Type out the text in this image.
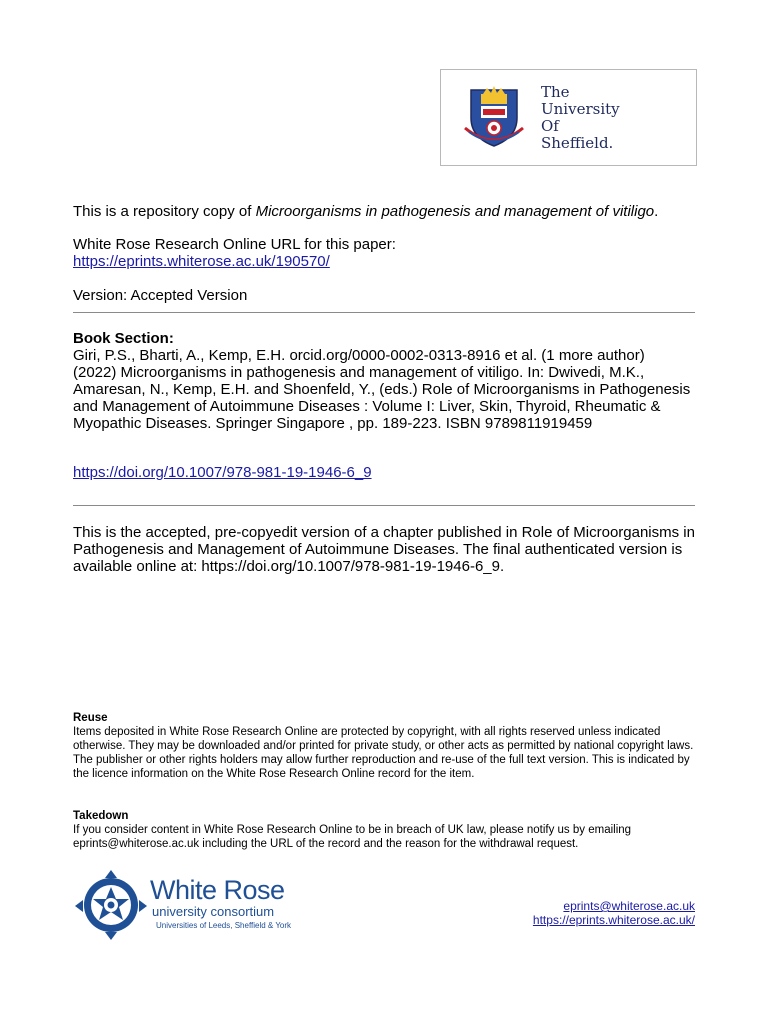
The
University
Of
Sheffield.
This is a repository copy of Microorganisms in pathogenesis and management of vitiligo.
White Rose Research Online URL for this paper:
https://eprints.whiterose.ac.uk/190570/
Version: Accepted Version
Book Section:
Giri, P.S., Bharti, A., Kemp, E.H. orcid.org/0000-0002-0313-8916 et al. (1 more author) (2022) Microorganisms in pathogenesis and management of vitiligo. In: Dwivedi, M.K., Amaresan, N., Kemp, E.H. and Shoenfeld, Y., (eds.) Role of Microorganisms in Pathogenesis and Management of Autoimmune Diseases : Volume I: Liver, Skin, Thyroid, Rheumatic & Myopathic Diseases. Springer Singapore , pp. 189-223. ISBN 9789811919459
https://doi.org/10.1007/978-981-19-1946-6_9
This is the accepted, pre-copyedit version of a chapter published in Role of Microorganisms in Pathogenesis and Management of Autoimmune Diseases. The final authenticated version is available online at: https://doi.org/10.1007/978-981-19-1946-6_9.
Reuse
Items deposited in White Rose Research Online are protected by copyright, with all rights reserved unless indicated otherwise. They may be downloaded and/or printed for private study, or other acts as permitted by national copyright laws. The publisher or other rights holders may allow further reproduction and re-use of the full text version. This is indicated by the licence information on the White Rose Research Online record for the item.
Takedown
If you consider content in White Rose Research Online to be in breach of UK law, please notify us by emailing eprints@whiterose.ac.uk including the URL of the record and the reason for the withdrawal request.
White Rose
university consortium
Universities of Leeds, Sheffield & York
eprints@whiterose.ac.uk
https://eprints.whiterose.ac.uk/
